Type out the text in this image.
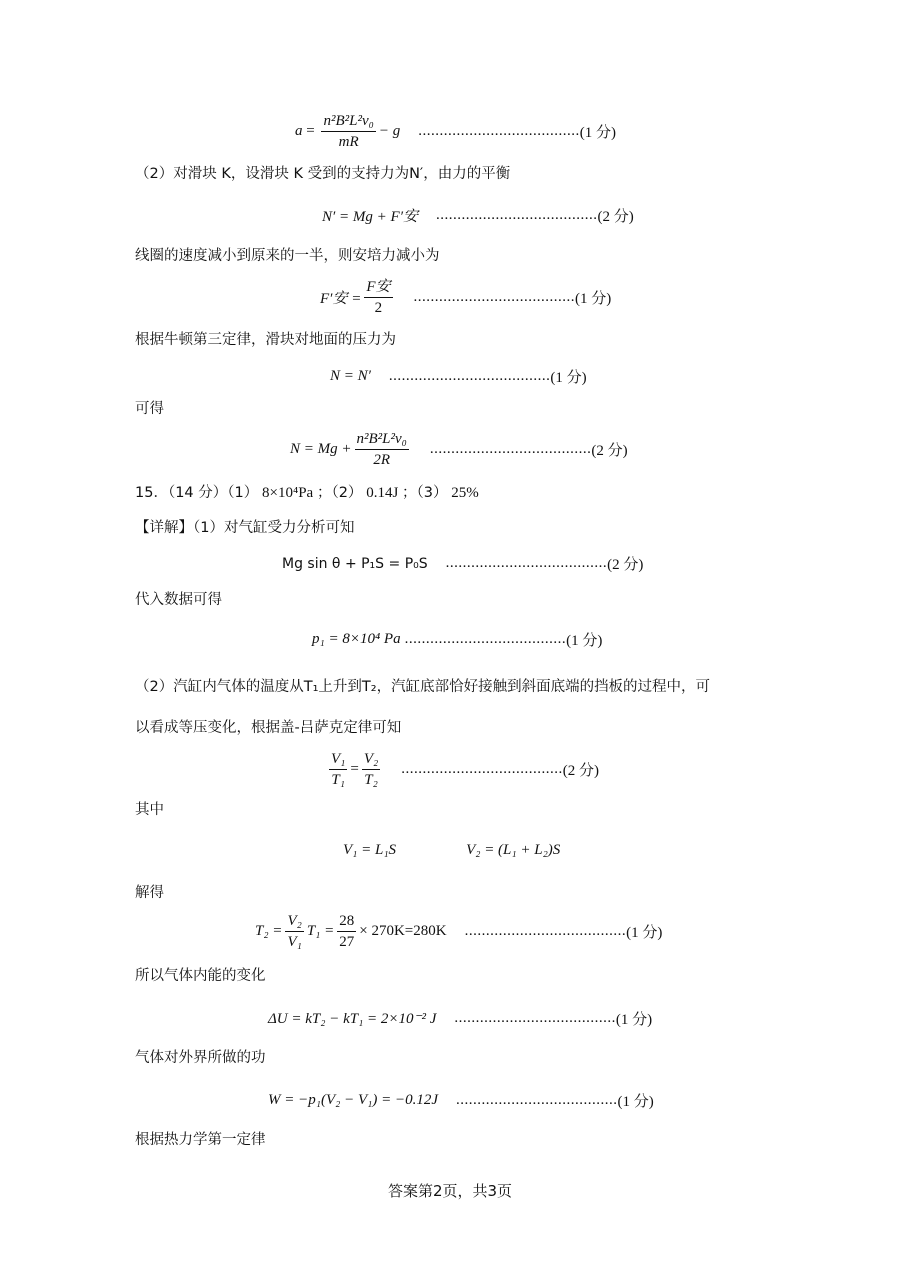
$a = \frac{\text{n²B²L²v₀}}{mR} - g$ ...................................... (1 分)
（2）对滑块 K，设滑块 K 受到的支持力为N′，由力的平衡
N′ = Mg + F′安 ...................................... (2 分)
线圈的速度减小到原来的一半，则安培力减小为
F′安 = $\frac{\text{F安}}{2}$ ...................................... (1 分)
根据牛顿第三定律，滑块对地面的压力为
N = N′ ...................................... (1 分)
可得
$N = Mg + \frac{\text{n²B²L²v₀}}{2R}$ ...................................... (2 分)
15．（14 分）（1） 8×10⁴Pa ；（2） 0.14J ；（3） 25%
【详解】（1）对气缸受力分析可知
Mg sin θ + P₁S = P₀S ...................................... (2 分)
代入数据可得
p₁ = 8×10⁴ Pa ...................................... (1 分)
（2）汽缸内气体的温度从T₁上升到T₂，汽缸底部恰好接触到斜面底端的挡板的过程中，可
以看成等压变化，根据盖-吕萨克定律可知
$\frac{\text{V₁}}{\text{T₁}} = \frac{\text{V₂}}{\text{T₂}}$ ...................................... (2 分)
其中
V₁ = L₁S	V₂ = (L₁ + L₂)S
解得
$T_2 = \frac{\text{V₂}}{\text{V₁}} T_1 = \frac{28}{27} \times 270K=280K$ ...................................... (1 分)
所以气体内能的变化
ΔU = kT₂ − kT₁ = 2×10⁻² J ...................................... (1 分)
气体对外界所做的功
W = −p₁(V₂ − V₁) = −0.12J ...................................... (1 分)
根据热力学第一定律
答案第2页，共3页
